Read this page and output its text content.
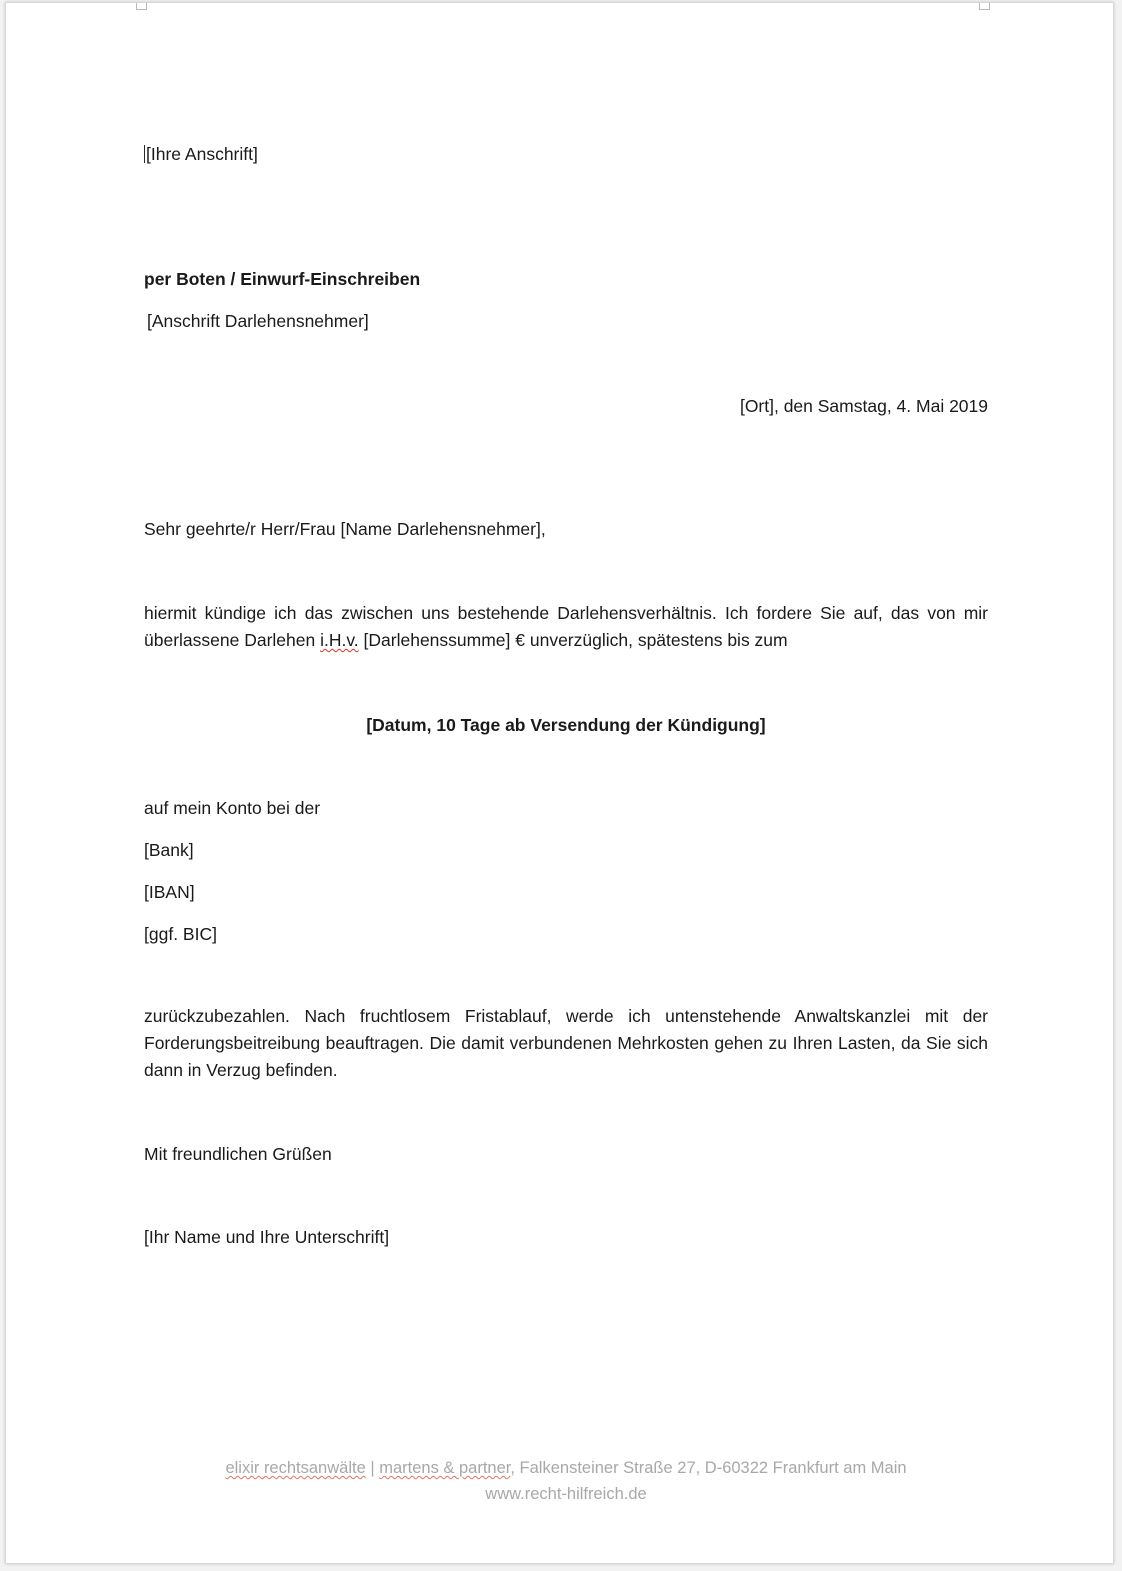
[Ihre Anschrift]
per Boten / Einwurf-Einschreiben
[Anschrift Darlehensnehmer]
[Ort], den Samstag, 4. Mai 2019
Sehr geehrte/r Herr/Frau [Name Darlehensnehmer],
hiermit kündige ich das zwischen uns bestehende Darlehensverhältnis. Ich fordere Sie auf, das von mir überlassene Darlehen i.H.v. [Darlehenssumme] € unverzüglich, spätestens bis zum
[Datum, 10 Tage ab Versendung der Kündigung]
auf mein Konto bei der
[Bank]
[IBAN]
[ggf. BIC]
zurückzubezahlen. Nach fruchtlosem Fristablauf, werde ich untenstehende Anwaltskanzlei mit der Forderungsbeitreibung beauftragen. Die damit verbundenen Mehrkosten gehen zu Ihren Lasten, da Sie sich dann in Verzug befinden.
Mit freundlichen Grüßen
[Ihr Name und Ihre Unterschrift]
elixir rechtsanwälte | martens & partner, Falkensteiner Straße 27, D-60322 Frankfurt am Main
www.recht-hilfreich.de
